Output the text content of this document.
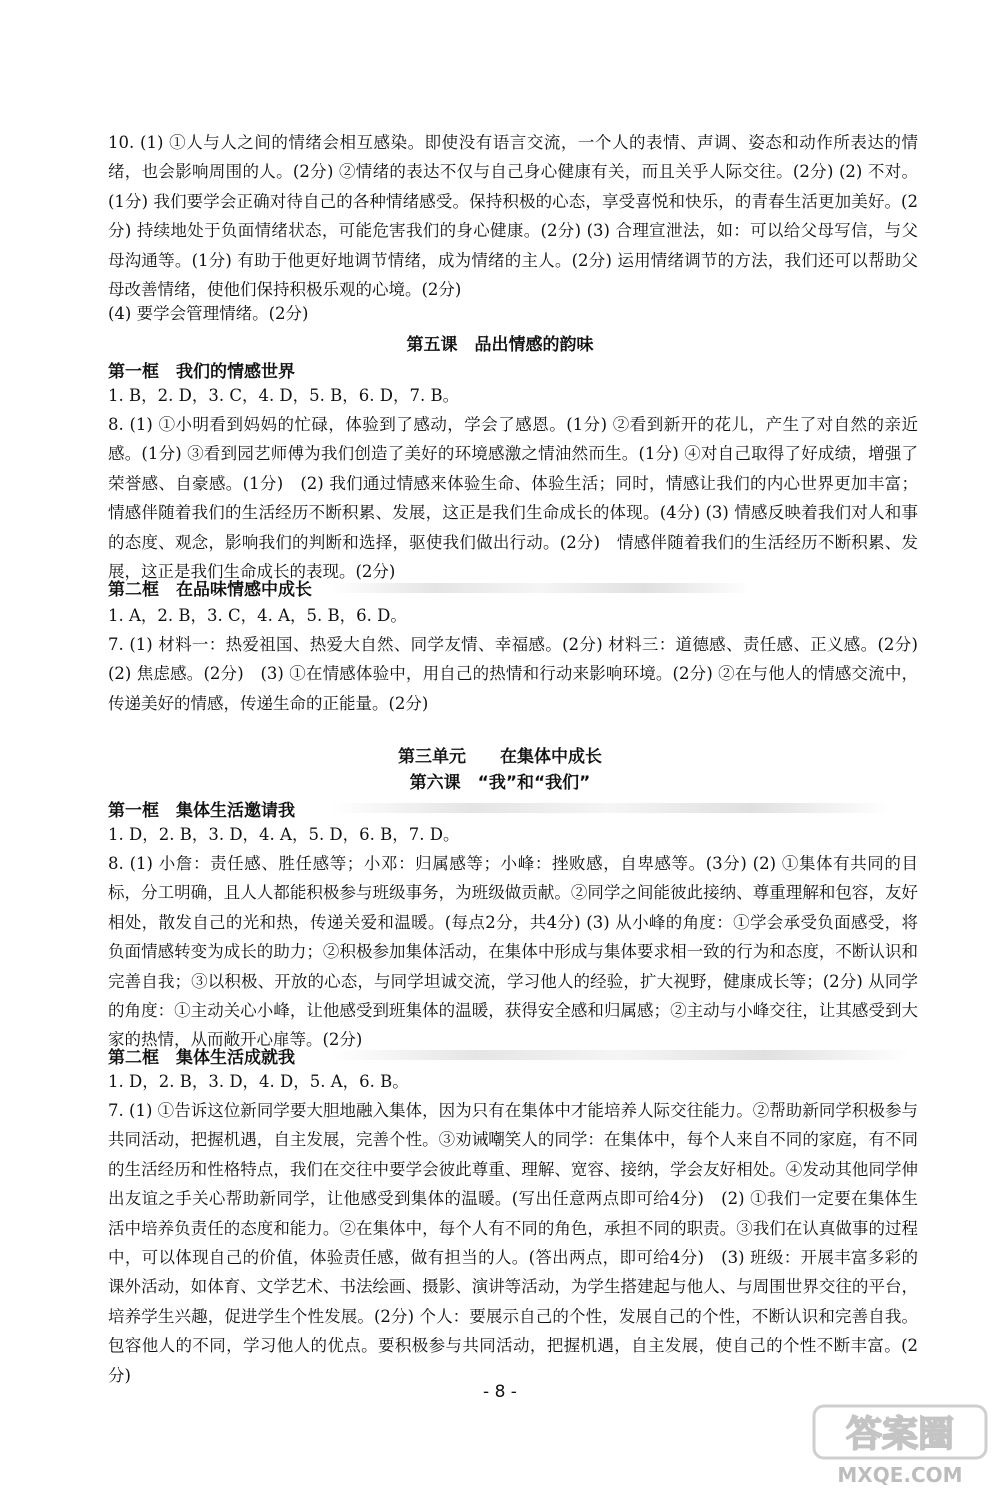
10. (1) ①人与人之间的情绪会相互感染。即使没有语言交流，一个人的表情、声调、姿态和动作所表达的情绪，也会影响周围的人。(2分) ②情绪的表达不仅与自己身心健康有关，而且关乎人际交往。(2分) (2) 不对。(1分) 我们要学会正确对待自己的各种情绪感受。保持积极的心态，享受喜悦和快乐，的青春生活更加美好。(2分) 持续地处于负面情绪状态，可能危害我们的身心健康。(2分) (3) 合理宣泄法，如：可以给父母写信，与父母沟通等。(1分) 有助于他更好地调节情绪，成为情绪的主人。(2分) 运用情绪调节的方法，我们还可以帮助父母改善情绪，使他们保持积极乐观的心境。(2分)

(4) 要学会管理情绪。(2分)

第五课　品出情感的韵味

第一框　我们的情感世界

1. B，2. D，3. C，4. D，5. B，6. D，7. B。

8. (1) ①小明看到妈妈的忙碌，体验到了感动，学会了感恩。(1分) ②看到新开的花儿，产生了对自然的亲近感。(1分) ③看到园艺师傅为我们创造了美好的环境感激之情油然而生。(1分) ④对自己取得了好成绩，增强了荣誉感、自豪感。(1分)　(2) 我们通过情感来体验生命、体验生活；同时，情感让我们的内心世界更加丰富；情感伴随着我们的生活经历不断积累、发展，这正是我们生命成长的体现。(4分) (3) 情感反映着我们对人和事的态度、观念，影响我们的判断和选择，驱使我们做出行动。(2分)　情感伴随着我们的生活经历不断积累、发展，这正是我们生命成长的表现。(2分)

第二框　在品味情感中成长

1. A，2. B，3. C，4. A，5. B，6. D。

7. (1) 材料一：热爱祖国、热爱大自然、同学友情、幸福感。(2分) 材料三：道德感、责任感、正义感。(2分)　(2) 焦虑感。(2分)　(3) ①在情感体验中，用自己的热情和行动来影响环境。(2分) ②在与他人的情感交流中，传递美好的情感，传递生命的正能量。(2分)

第三单元　　在集体中成长

第六课　“我”和“我们”

第一框　集体生活邀请我

1. D，2. B，3. D，4. A，5. D，6. B，7. D。

8. (1) 小詹：责任感、胜任感等；小邓：归属感等；小峰：挫败感，自卑感等。(3分) (2) ①集体有共同的目标，分工明确，且人人都能积极参与班级事务，为班级做贡献。②同学之间能彼此接纳、尊重理解和包容，友好相处，散发自己的光和热，传递关爱和温暖。(每点2分，共4分) (3) 从小峰的角度：①学会承受负面感受，将负面情感转变为成长的助力；②积极参加集体活动，在集体中形成与集体要求相一致的行为和态度，不断认识和完善自我；③以积极、开放的心态，与同学坦诚交流，学习他人的经验，扩大视野，健康成长等；(2分) 从同学的角度：①主动关心小峰，让他感受到班集体的温暖，获得安全感和归属感；②主动与小峰交往，让其感受到大家的热情，从而敞开心扉等。(2分)

第二框　集体生活成就我

1. D，2. B，3. D，4. D，5. A，6. B。

7. (1) ①告诉这位新同学要大胆地融入集体，因为只有在集体中才能培养人际交往能力。②帮助新同学积极参与共同活动，把握机遇，自主发展，完善个性。③劝诫嘲笑人的同学：在集体中，每个人来自不同的家庭，有不同的生活经历和性格特点，我们在交往中要学会彼此尊重、理解、宽容、接纳，学会友好相处。④发动其他同学伸出友谊之手关心帮助新同学，让他感受到集体的温暖。(写出任意两点即可给4分)　(2) ①我们一定要在集体生活中培养负责任的态度和能力。②在集体中，每个人有不同的角色，承担不同的职责。③我们在认真做事的过程中，可以体现自己的价值，体验责任感，做有担当的人。(答出两点，即可给4分)　(3) 班级：开展丰富多彩的课外活动，如体育、文学艺术、书法绘画、摄影、演讲等活动，为学生搭建起与他人、与周围世界交往的平台，培养学生兴趣，促进学生个性发展。(2分) 个人：要展示自己的个性，发展自己的个性，不断认识和完善自我。包容他人的不同，学习他人的优点。要积极参与共同活动，把握机遇，自主发展，使自己的个性不断丰富。(2分)

- 8 -

答案圈
MXQE.COM
